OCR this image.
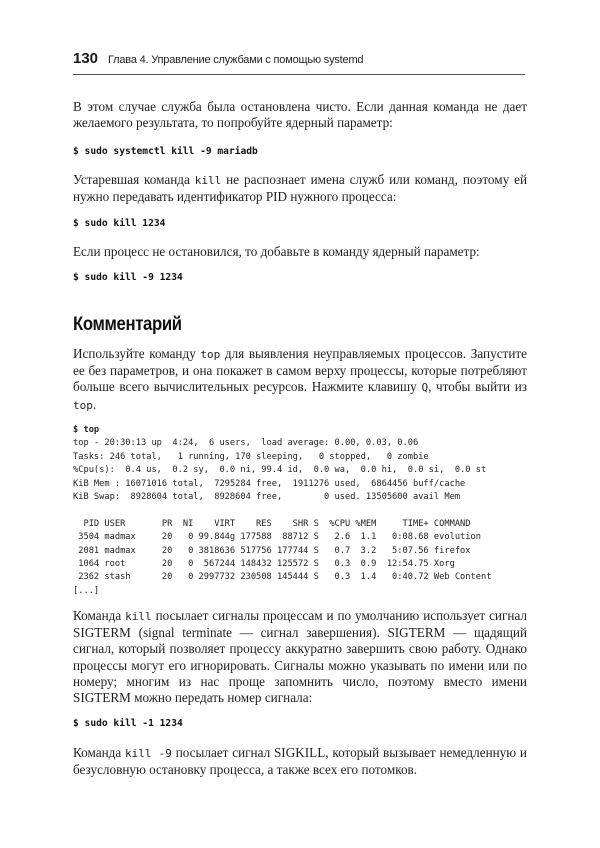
130 Глава 4. Управление службами с помощью systemd
В этом случае служба была остановлена чисто. Если данная команда не дает желаемого результата, то попробуйте ядерный параметр:
$ sudo systemctl kill -9 mariadb
Устаревшая команда kill не распознает имена служб или команд, поэтому ей нужно передавать идентификатор PID нужного процесса:
$ sudo kill 1234
Если процесс не остановился, то добавьте в команду ядерный параметр:
$ sudo kill -9 1234
Комментарий
Используйте команду top для выявления неуправляемых процессов. Запустите ее без параметров, и она покажет в самом верху процессы, которые потребляют больше всего вычислительных ресурсов. Нажмите клавишу Q, чтобы выйти из top.
$ top
top - 20:30:13 up  4:24,  6 users,  load average: 0.00, 0.03, 0.06
Tasks: 246 total,   1 running, 170 sleeping,   0 stopped,   0 zombie
%Cpu(s):  0.4 us,  0.2 sy,  0.0 ni, 99.4 id,  0.0 wa,  0.0 hi,  0.0 si,  0.0 st
KiB Mem : 16071016 total,  7295284 free,  1911276 used,  6864456 buff/cache
KiB Swap:  8928604 total,  8928604 free,        0 used. 13505600 avail Mem

PID USER       PR  NI    VIRT    RES    SHR S  %CPU %MEM     TIME+ COMMAND
3504 madmax     20   0 99.844g 177588  88712 S   2.6  1.1   0:08.68 evolution
2081 madmax     20   0 3818636 517756 177744 S   0.7  3.2   5:07.56 firefox
1064 root       20   0  567244 148432 125572 S   0.3  0.9  12:54.75 Xorg
2362 stash      20   0 2997732 230508 145444 S   0.3  1.4   0:40.72 Web Content
[...]
Команда kill посылает сигналы процессам и по умолчанию использует сигнал SIGTERM (signal terminate — сигнал завершения). SIGTERM — щадящий сигнал, который позволяет процессу аккуратно завершить свою работу. Однако процессы могут его игнорировать. Сигналы можно указывать по имени или по номеру; многим из нас проще запомнить число, поэтому вместо имени SIGTERM можно передать номер сигнала:
$ sudo kill -1 1234
Команда kill -9 посылает сигнал SIGKILL, который вызывает немедленную и безусловную остановку процесса, а также всех его потомков.
